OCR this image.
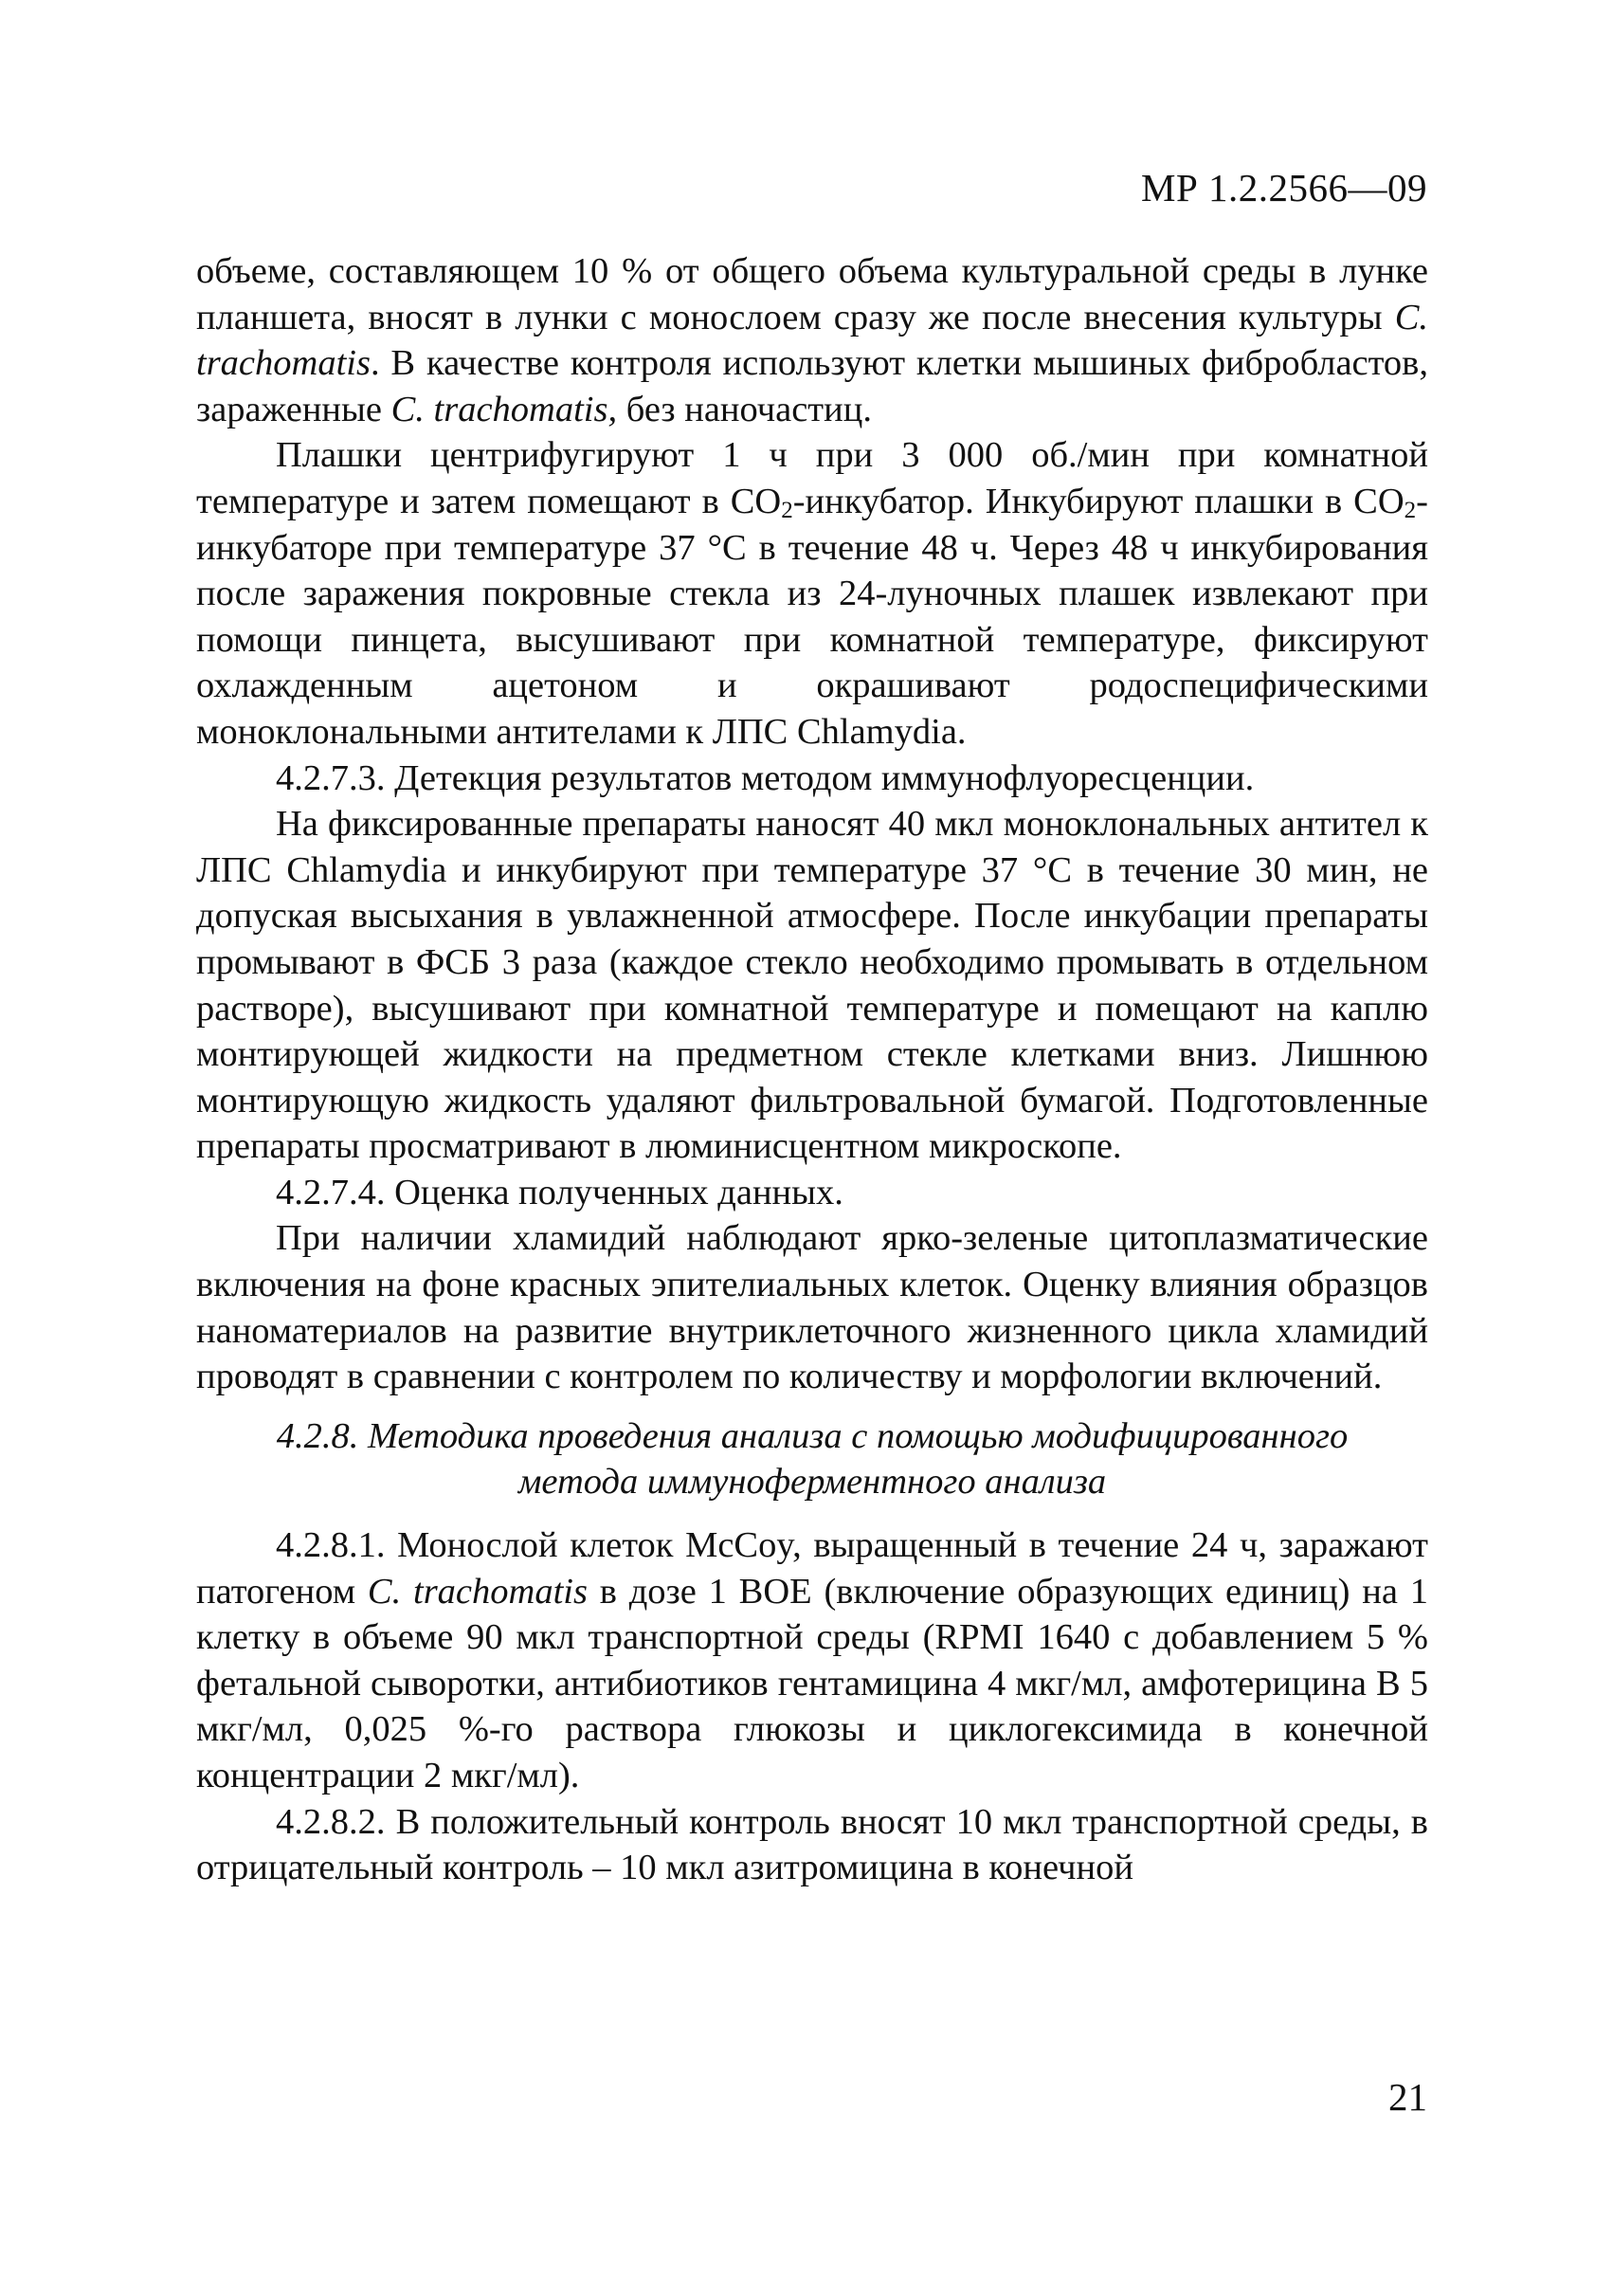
МР 1.2.2566—09

объеме, составляющем 10 % от общего объема культуральной среды в лунке планшета, вносят в лунки с монослоем сразу же после внесения культуры C. trachomatis. В качестве контроля используют клетки мышиных фибробластов, зараженные C. trachomatis, без наночастиц.

Плашки центрифугируют 1 ч при 3 000 об./мин при комнатной температуре и затем помещают в $CO_2$-инкубатор. Инкубируют плашки в $CO_2$-инкубаторе при температуре 37 °C в течение 48 ч. Через 48 ч инкубирования после заражения покровные стекла из 24-луночных плашек извлекают при помощи пинцета, высушивают при комнатной температуре, фиксируют охлажденным ацетоном и окрашивают родоспецифическими моноклональными антителами к ЛПС Chlamydia.

4.2.7.3. Детекция результатов методом иммунофлуоресценции.

На фиксированные препараты наносят 40 мкл моноклональных антител к ЛПС Chlamydia и инкубируют при температуре 37 °С в течение 30 мин, не допуская высыхания в увлажненной атмосфере. После инкубации препараты промывают в ФСБ 3 раза (каждое стекло необходимо промывать в отдельном растворе), высушивают при комнатной температуре и помещают на каплю монтирующей жидкости на предметном стекле клетками вниз. Лишнюю монтирующую жидкость удаляют фильтровальной бумагой. Подготовленные препараты просматривают в люминисцентном микроскопе.

4.2.7.4. Оценка полученных данных.

При наличии хламидий наблюдают ярко-зеленые цитоплазматические включения на фоне красных эпителиальных клеток. Оценку влияния образцов наноматериалов на развитие внутриклеточного жизненного цикла хламидий проводят в сравнении с контролем по количеству и морфологии включений.

4.2.8. Методика проведения анализа с помощью модифицированного
метода иммуноферментного анализа

4.2.8.1. Монослой клеток McCoy, выращенный в течение 24 ч, заражают патогеном C. trachomatis в дозе 1 ВОЕ (включение образующих единиц) на 1 клетку в объеме 90 мкл транспортной среды (RPMI 1640 с добавлением 5 % фетальной сыворотки, антибиотиков гентамицина 4 мкг/мл, амфотерицина В 5 мкг/мл, 0,025 %-го раствора глюкозы и циклогексимида в конечной концентрации 2 мкг/мл).

4.2.8.2. В положительный контроль вносят 10 мкл транспортной среды, в отрицательный контроль – 10 мкл азитромицина в конечной

21
